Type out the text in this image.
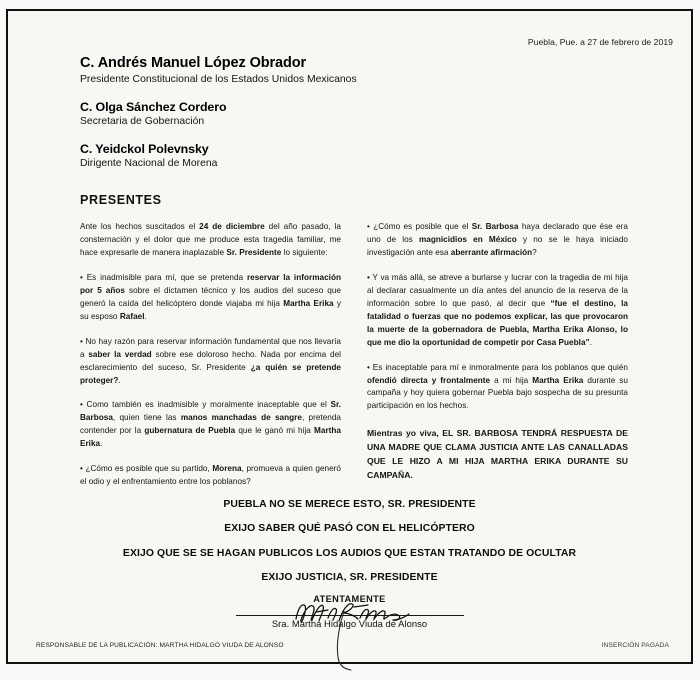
Puebla, Pue. a 27 de febrero de 2019
C. Andrés Manuel López Obrador
Presidente Constitucional de los Estados Unidos Mexicanos
C. Olga Sánchez Cordero
Secretaria de Gobernación
C. Yeidckol Polevnsky
Dirigente Nacional de Morena
PRESENTES

Ante los hechos suscitados el 24 de diciembre del año pasado, la consternación y el dolor que me produce esta tragedia familiar, me hace expresarle de manera inaplazable Sr. Presidente lo siguiente:

• Es inadmisible para mí, que se pretenda reservar la información por 5 años sobre el dictamen técnico y los audios del suceso que generó la caída del helicóptero donde viajaba mi hija Martha Erika y su esposo Rafael.

• No hay razón para reservar información fundamental que nos llevaría a saber la verdad sobre ese doloroso hecho. Nada por encima del esclarecimiento del suceso, Sr. Presidente ¿a quién se pretende proteger?.

• Como también es inadmisible y moralmente inaceptable que el Sr. Barbosa, quien tiene las manos manchadas de sangre, pretenda contender por la gubernatura de Puebla que le ganó mi hija Martha Erika.

• ¿Cómo es posible que su partido, Morena, promueva a quien generó el odio y el enfrentamiento entre los poblanos?

• ¿Cómo es posible que el Sr. Barbosa haya declarado que ése era uno de los magnicidios en México y no se le haya iniciado investigación ante esa aberrante afirmación?

• Y va más allá, se atreve a burlarse y lucrar con la tragedia de mi hija al declarar casualmente un día antes del anuncio de la reserva de la información sobre lo que pasó, al decir que “fue el destino, la fatalidad o fuerzas que no podemos explicar, las que provocaron la muerte de la gobernadora de Puebla, Martha Erika Alonso, lo que me dio la oportunidad de competir por Casa Puebla”.

• Es inaceptable para mí e inmoralmente para los poblanos que quién ofendió directa y frontalmente a mi hija Martha Erika durante su campaña y hoy quiera gobernar Puebla bajo sospecha de su presunta participación en los hechos.

Mientras yo viva, EL SR. BARBOSA TENDRÁ RESPUESTA DE UNA MADRE QUE CLAMA JUSTICIA ANTE LAS CANALLADAS QUE LE HIZO A MI HIJA MARTHA ERIKA DURANTE SU CAMPAÑA.

PUEBLA NO SE MERECE ESTO, SR. PRESIDENTE
EXIJO SABER QUÉ PASÓ CON EL HELICÓPTERO
EXIJO QUE SE SE HAGAN PUBLICOS LOS AUDIOS QUE ESTAN TRATANDO DE OCULTAR
EXIJO JUSTICIA, SR. PRESIDENTE
ATENTAMENTE
Sra. Martha Hidalgo Viuda de Alonso
RESPONSABLE DE LA PUBLICACIÓN: MARTHA HIDALGO VIUDA DE ALONSO	INSERCIÓN PAGADA
